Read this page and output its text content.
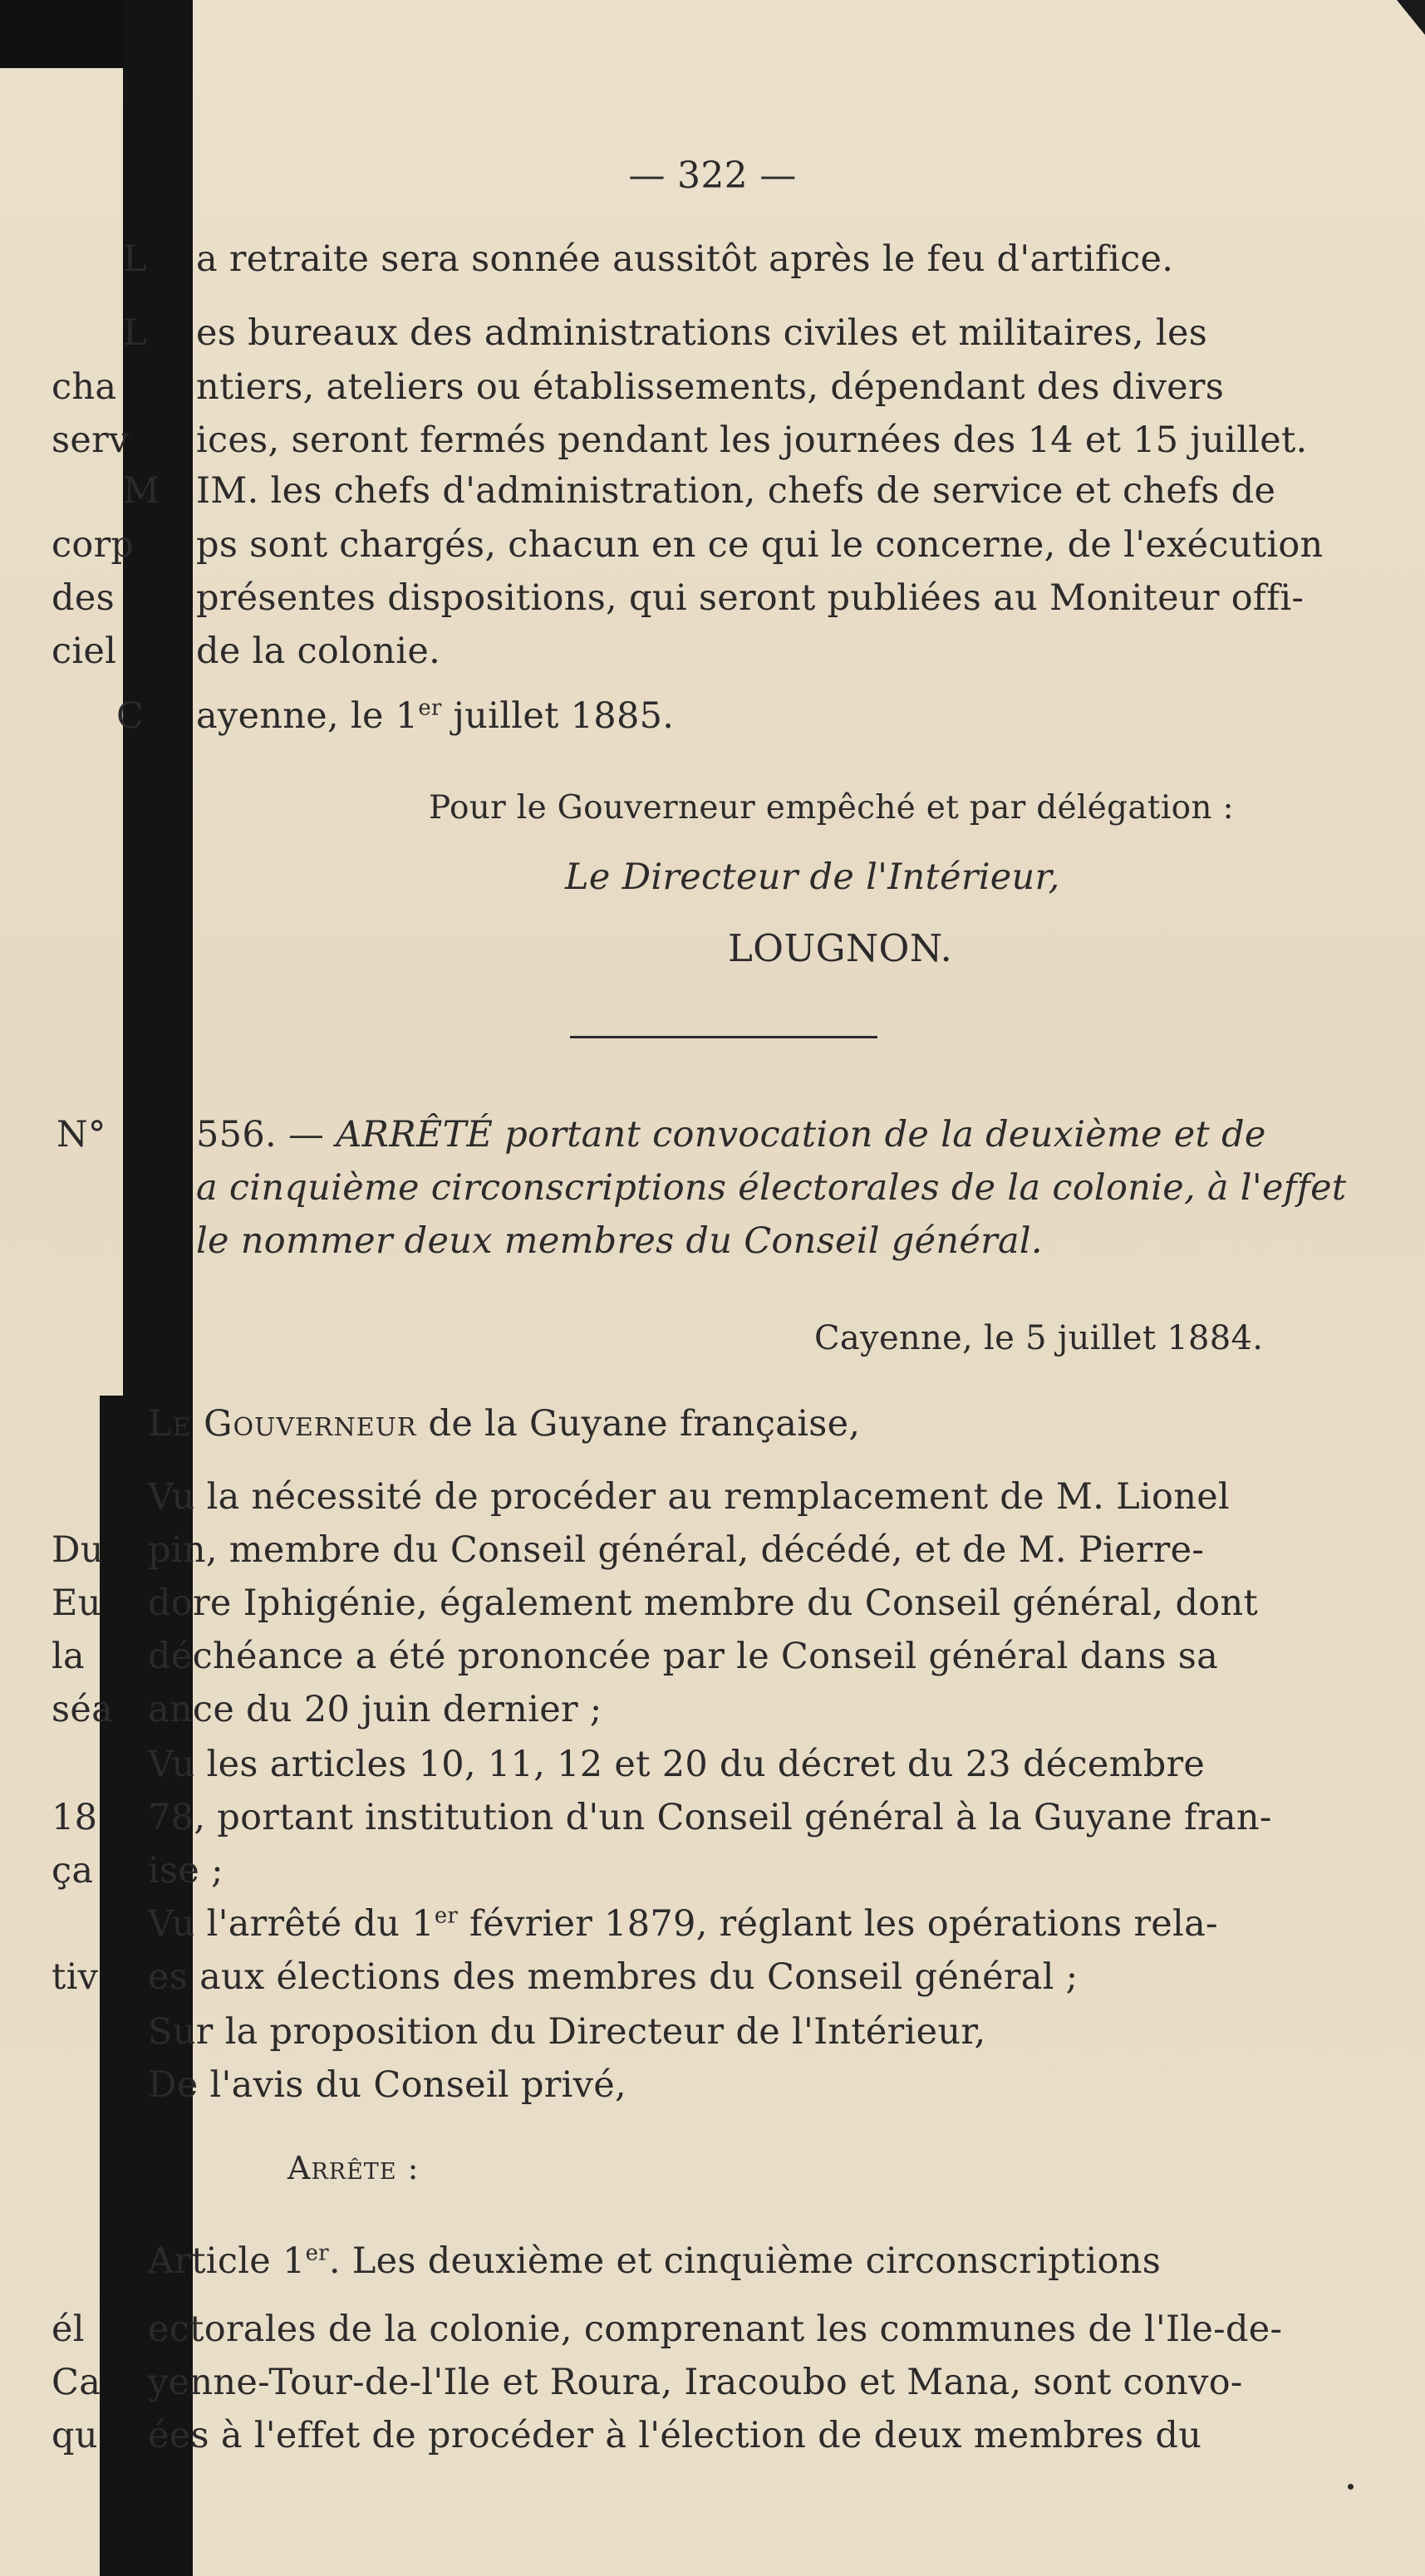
— 322 —
L
L
cha
serv
M
corp
des
ciel
C
N°
Du
Eu
la
séa
18
ça
tiv
él
Ca
qu
a retraite sera sonnée aussitôt après le feu d'artifice.
es bureaux des administrations civiles et militaires, les
ntiers, ateliers ou établissements, dépendant des divers
ices, seront fermés pendant les journées des 14 et 15 juillet.
IM. les chefs d'administration, chefs de service et chefs de
ps sont chargés, chacun en ce qui le concerne, de l'exécution
présentes dispositions, qui seront publiées au Moniteur offi-
de la colonie.
ayenne, le 1er juillet 1885.
Pour le Gouverneur empêché et par délégation :
Le Directeur de l'Intérieur,
LOUGNON.
556. — ARRÊTÉ portant convocation de la deuxième et de
a cinquième circonscriptions électorales de la colonie, à l'effet
le nommer deux membres du Conseil général.
Cayenne, le 5 juillet 1884.
Le Gouverneur de la Guyane française,
Vu la nécessité de procéder au remplacement de M. Lionel
pin, membre du Conseil général, décédé, et de M. Pierre-
dore Iphigénie, également membre du Conseil général, dont
déchéance a été prononcée par le Conseil général dans sa
ance du 20 juin dernier ;
Vu les articles 10, 11, 12 et 20 du décret du 23 décembre
78, portant institution d'un Conseil général à la Guyane fran-
ise ;
Vu l'arrêté du 1er février 1879, réglant les opérations rela-
es aux élections des membres du Conseil général ;
Sur la proposition du Directeur de l'Intérieur,
De l'avis du Conseil privé,
Arrête :
Article 1er. Les deuxième et cinquième circonscriptions
ectorales de la colonie, comprenant les communes de l'Ile-de-
yenne-Tour-de-l'Ile et Roura, Iracoubo et Mana, sont convo-
ées à l'effet de procéder à l'élection de deux membres du
